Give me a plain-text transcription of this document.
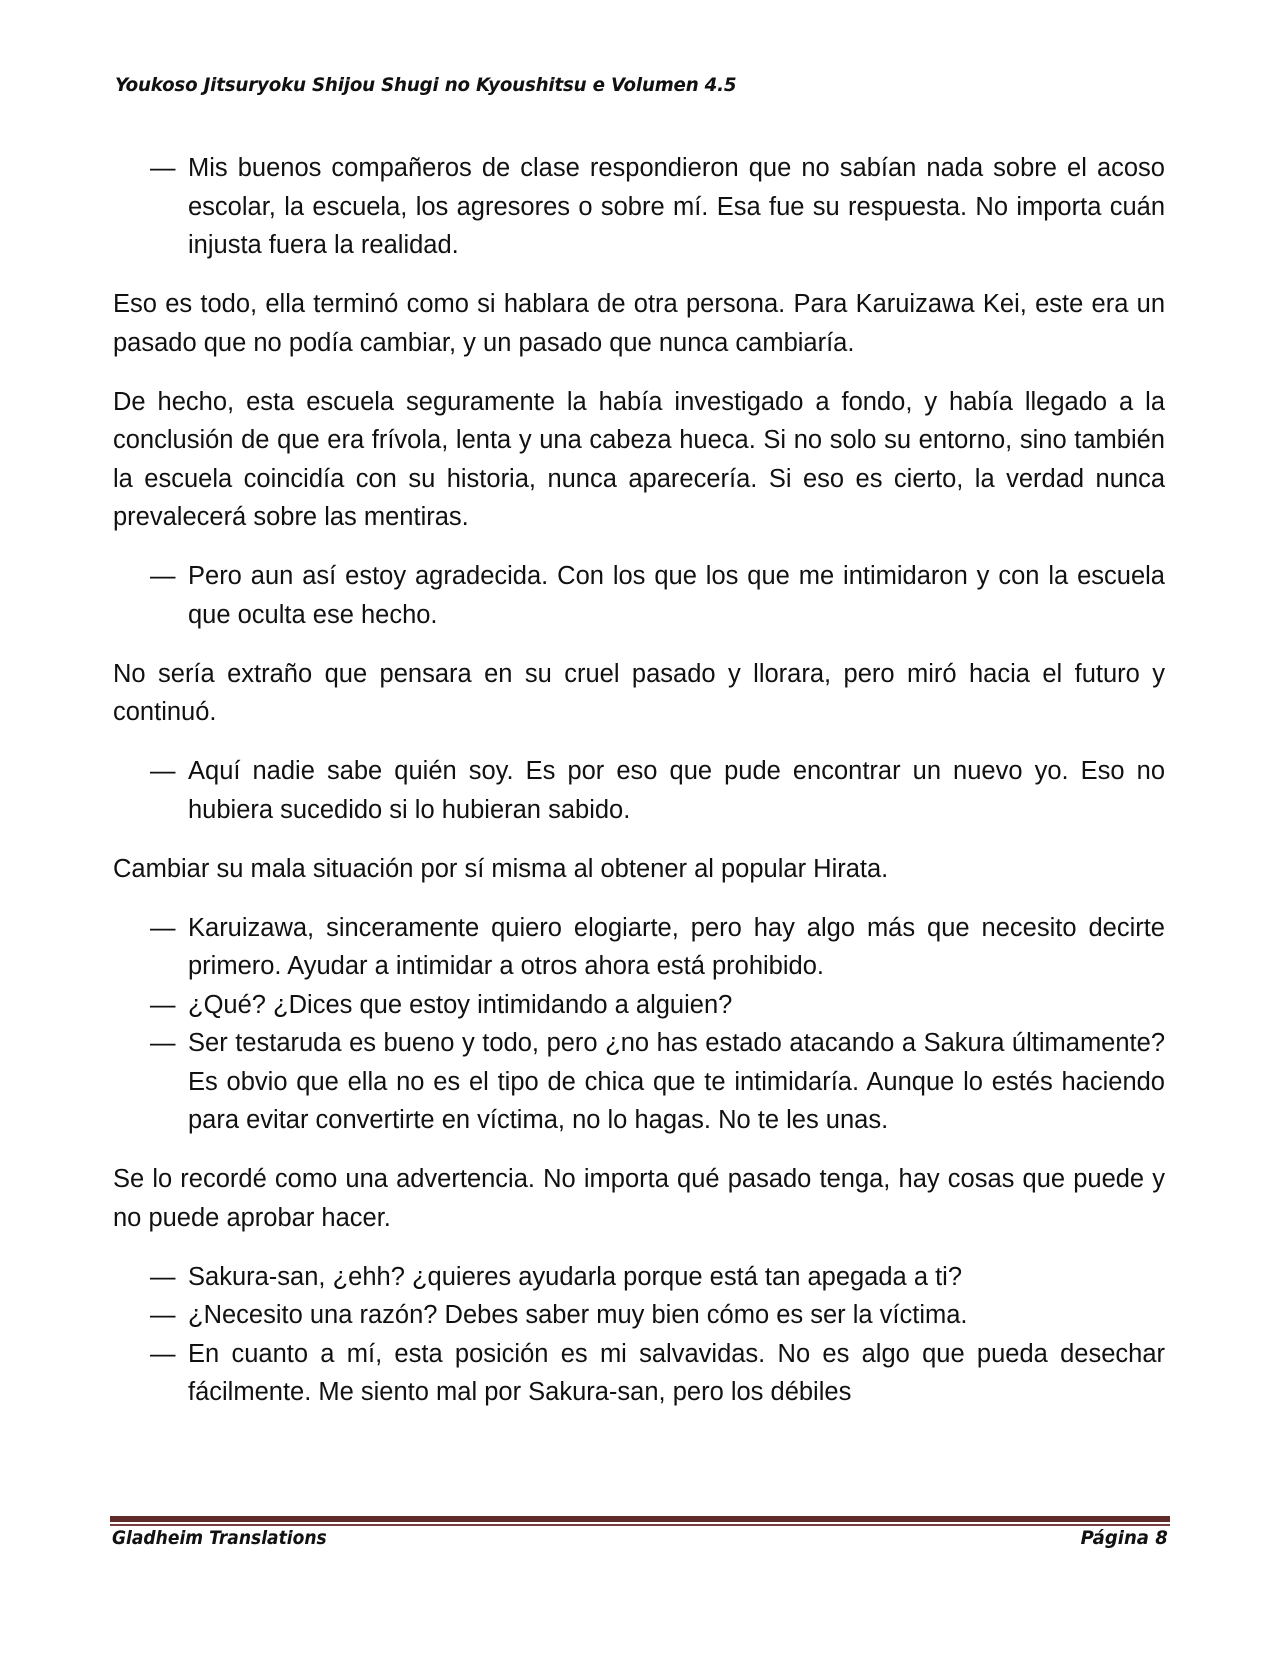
Youkoso Jitsuryoku Shijou Shugi no Kyoushitsu e Volumen 4.5
— Mis buenos compañeros de clase respondieron que no sabían nada sobre el acoso escolar, la escuela, los agresores o sobre mí. Esa fue su respuesta. No importa cuán injusta fuera la realidad.

Eso es todo, ella terminó como si hablara de otra persona. Para Karuizawa Kei, este era un pasado que no podía cambiar, y un pasado que nunca cambiaría.

De hecho, esta escuela seguramente la había investigado a fondo, y había llegado a la conclusión de que era frívola, lenta y una cabeza hueca. Si no solo su entorno, sino también la escuela coincidía con su historia, nunca aparecería. Si eso es cierto, la verdad nunca prevalecerá sobre las mentiras.

— Pero aun así estoy agradecida. Con los que los que me intimidaron y con la escuela que oculta ese hecho.

No sería extraño que pensara en su cruel pasado y llorara, pero miró hacia el futuro y continuó.

— Aquí nadie sabe quién soy. Es por eso que pude encontrar un nuevo yo. Eso no hubiera sucedido si lo hubieran sabido.

Cambiar su mala situación por sí misma al obtener al popular Hirata.

— Karuizawa, sinceramente quiero elogiarte, pero hay algo más que necesito decirte primero. Ayudar a intimidar a otros ahora está prohibido.
— ¿Qué? ¿Dices que estoy intimidando a alguien?
— Ser testaruda es bueno y todo, pero ¿no has estado atacando a Sakura últimamente? Es obvio que ella no es el tipo de chica que te intimidaría. Aunque lo estés haciendo para evitar convertirte en víctima, no lo hagas. No te les unas.

Se lo recordé como una advertencia. No importa qué pasado tenga, hay cosas que puede y no puede aprobar hacer.

— Sakura-san, ¿ehh? ¿quieres ayudarla porque está tan apegada a ti?
— ¿Necesito una razón? Debes saber muy bien cómo es ser la víctima.
— En cuanto a mí, esta posición es mi salvavidas. No es algo que pueda desechar fácilmente. Me siento mal por Sakura-san, pero los débiles
Gladheim Translations	Página 8
